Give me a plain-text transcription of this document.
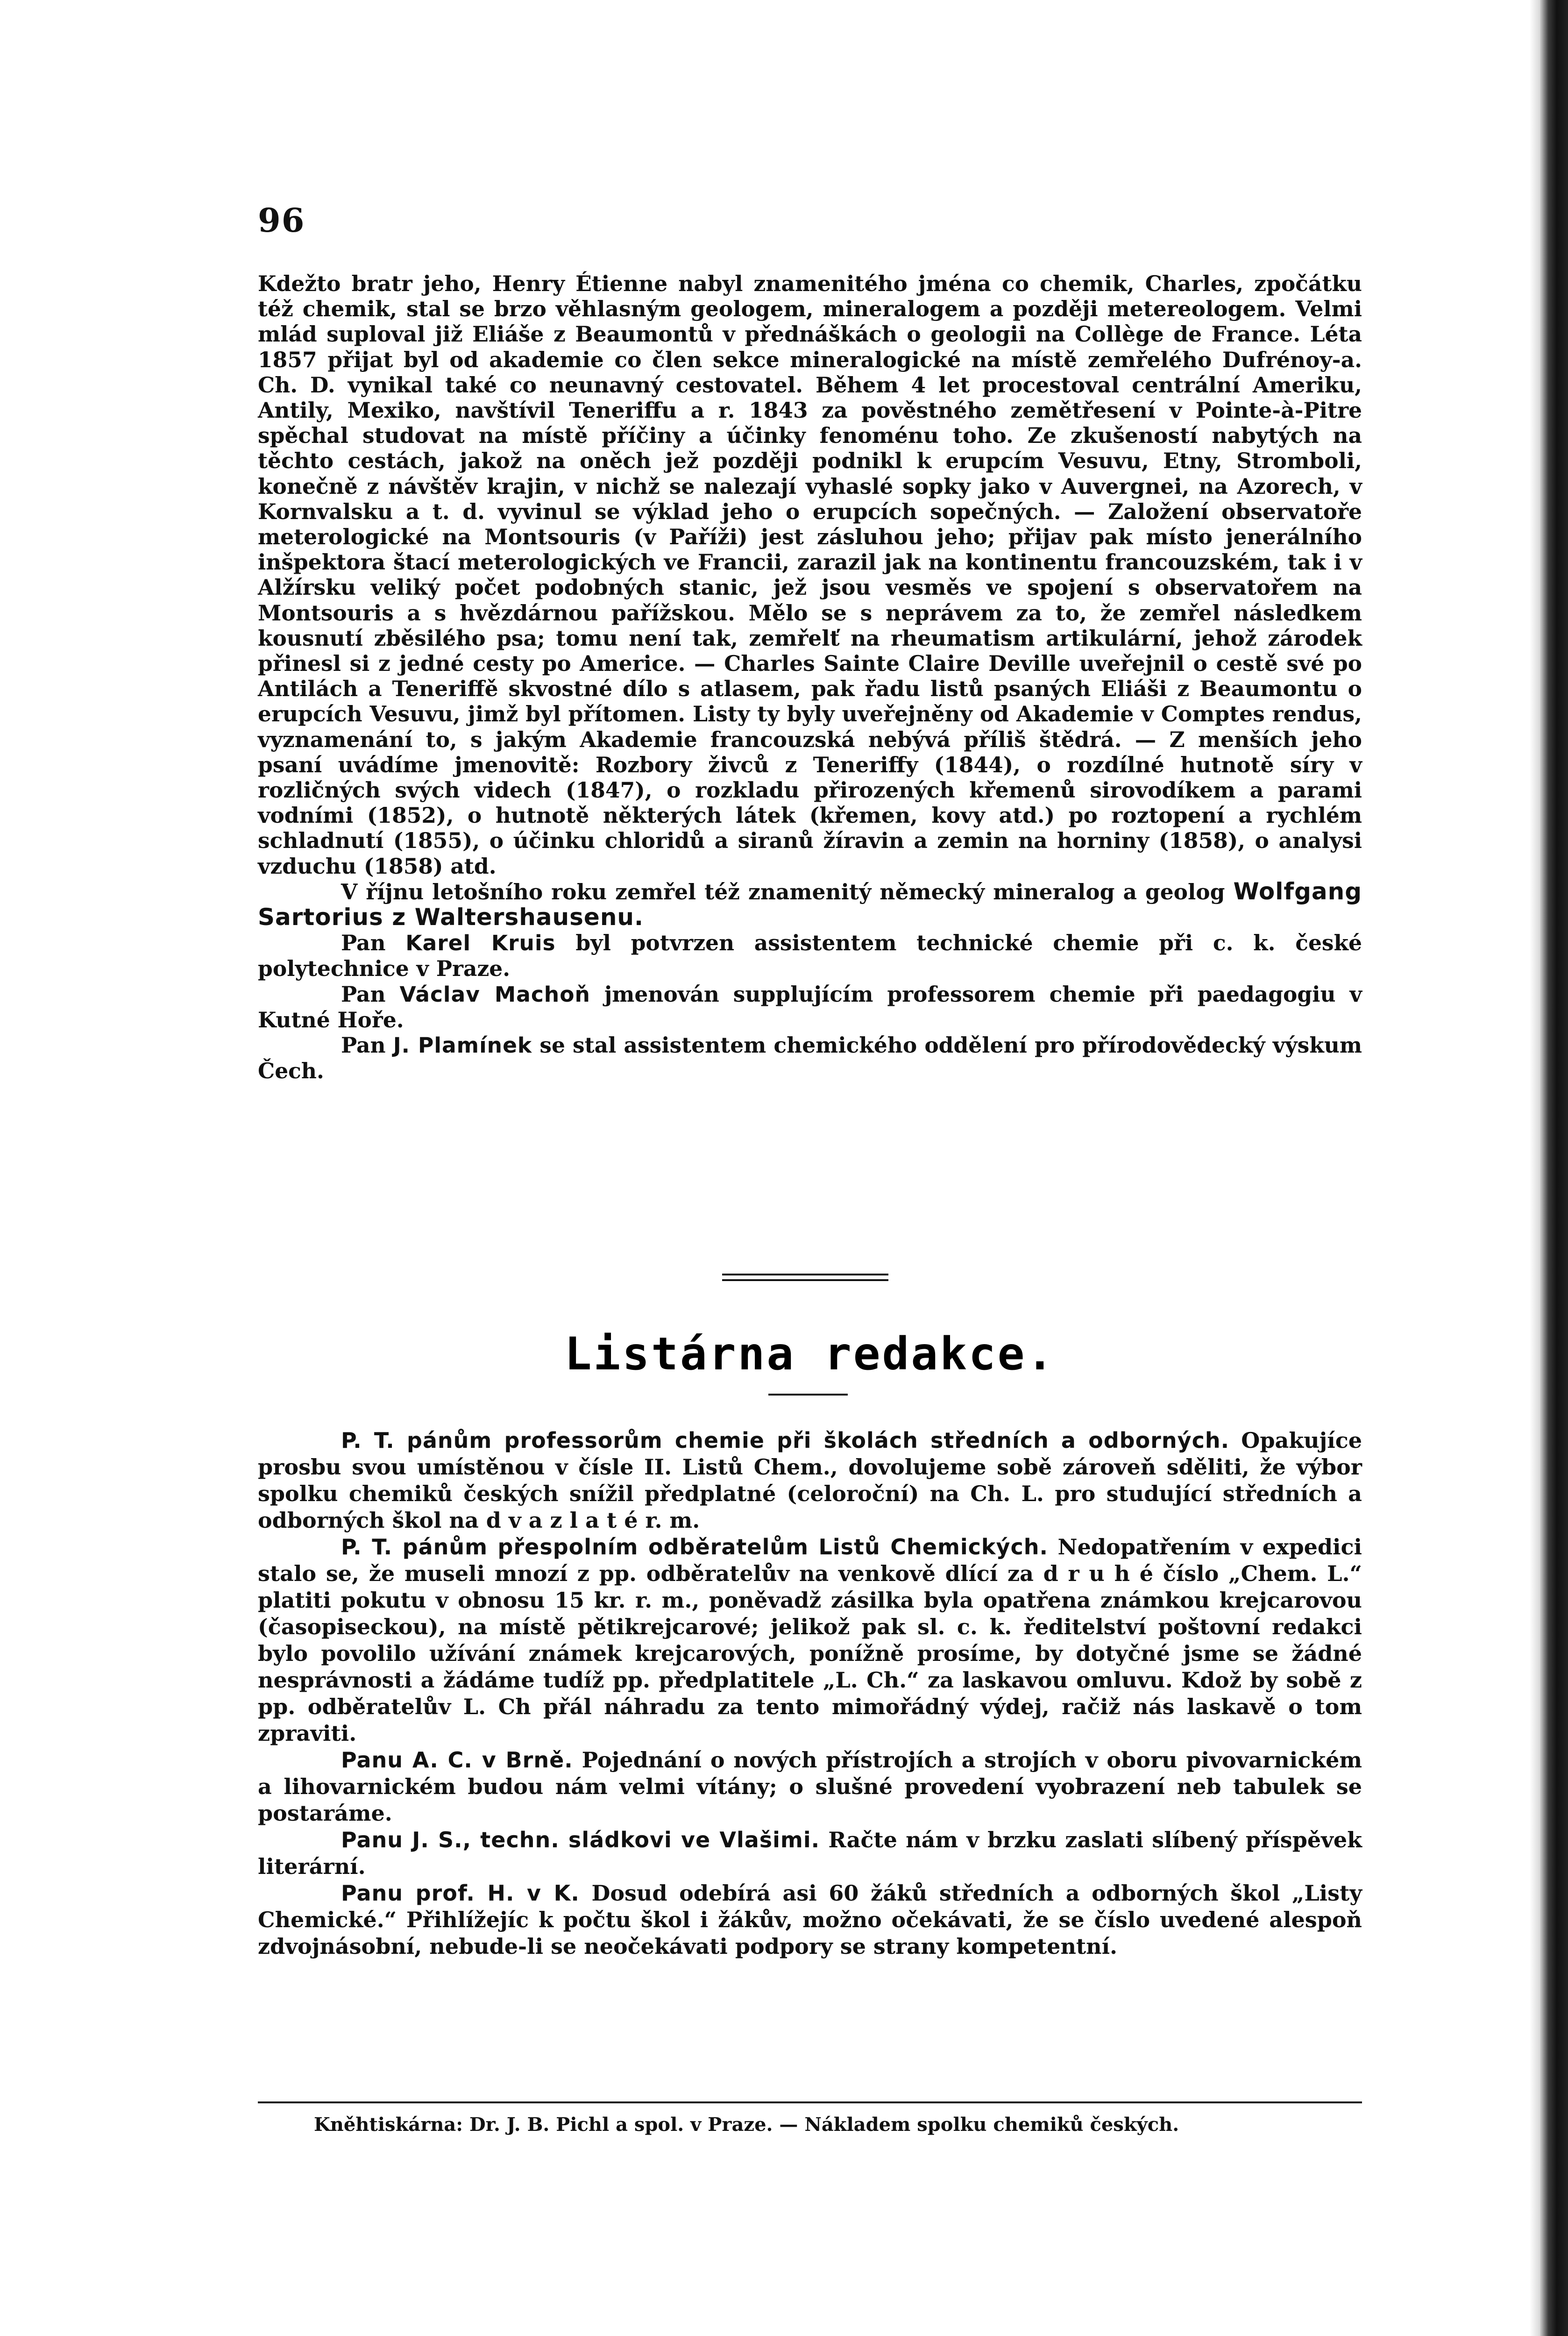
96

Kdežto bratr jeho, Henry Étienne nabyl znamenitého jména co chemik, Charles, zpočátku též chemik, stal se brzo věhlasným geologem, mineralogem a později metereologem. Velmi mlád suploval již Eliáše z Beaumontů v přednáškách o geologii na Collège de France. Léta 1857 přijat byl od akademie co člen sekce mineralogické na místě zemřelého Dufrénoy-a. Ch. D. vynikal také co neunavný cestovatel. Během 4 let procestoval centrální Ameriku, Antily, Mexiko, navštívil Teneriffu a r. 1843 za pověstného zemětřesení v Pointe-à-Pitre spěchal studovat na místě příčiny a účinky fenoménu toho. Ze zkušeností nabytých na těchto cestách, jakož na oněch jež později podnikl k erupcím Vesuvu, Etny, Stromboli, konečně z návštěv krajin, v nichž se nalezají vyhaslé sopky jako v Auvergnei, na Azorech, v Kornvalsku a t. d. vyvinul se výklad jeho o erupcích sopečných. — Založení observatoře meterologické na Montsouris (v Paříži) jest zásluhou jeho; přijav pak místo jenerálního inšpektora štací meterologických ve Francii, zarazil jak na kontinentu francouzském, tak i v Alžírsku veliký počet podobných stanic, jež jsou vesměs ve spojení s observatořem na Montsouris a s hvězdárnou pařížskou. Mělo se s neprávem za to, že zemřel následkem kousnutí zběsilého psa; tomu není tak, zemřelť na rheumatism artikulární, jehož zárodek přinesl si z jedné cesty po Americe. — Charles Sainte Claire Deville uveřejnil o cestě své po Antilách a Teneriffě skvostné dílo s atlasem, pak řadu listů psaných Eliáši z Beaumontu o erupcích Vesuvu, jimž byl přítomen. Listy ty byly uveřejněny od Akademie v Comptes rendus, vyznamenání to, s jakým Akademie francouzská nebývá příliš štědrá. — Z menších jeho psaní uvádíme jmenovitě: Rozbory živců z Teneriffy (1844), o rozdílné hutnotě síry v rozličných svých videch (1847), o rozkladu přirozených křemenů sirovodíkem a parami vodními (1852), o hutnotě některých látek (křemen, kovy atd.) po roztopení a rychlém schladnutí (1855), o účinku chloridů a siranů žíravin a zemin na horniny (1858), o analysi vzduchu (1858) atd.

V říjnu letošního roku zemřel též znamenitý německý mineralog a geolog Wolfgang Sartorius z Waltershausenu.

Pan Karel Kruis byl potvrzen assistentem technické chemie při c. k. české polytechnice v Praze.

Pan Václav Machoň jmenován supplujícím professorem chemie při paedagogiu v Kutné Hoře.

Pan J. Plamínek se stal assistentem chemického oddělení pro přírodovědecký výskum Čech.

Listárna redakce.

P. T. pánům professorům chemie při školách středních a odborných. Opakujíce prosbu svou umístěnou v čísle II. Listů Chem., dovolujeme sobě zároveň sděliti, že výbor spolku chemiků českých snížil předplatné (celoroční) na Ch. L. pro studující středních a odborných škol na d v a z l a t é r. m.

P. T. pánům přespolním odběratelům Listů Chemických. Nedopatřením v expedici stalo se, že museli mnozí z pp. odběratelův na venkově dlící za d r u h é číslo „Chem. L.“ platiti pokutu v obnosu 15 kr. r. m., poněvadž zásilka byla opatřena známkou krejcarovou (časopiseckou), na místě pětikrejcarové; jelikož pak sl. c. k. ředitelství poštovní redakci bylo povolilo užívání známek krejcarových, ponížně prosíme, by dotyčné jsme se žádné nesprávnosti a žádáme tudíž pp. předplatitele „L. Ch.“ za laskavou omluvu. Kdož by sobě z pp. odběratelův L. Ch přál náhradu za tento mimořádný výdej, račiž nás laskavě o tom zpraviti.

Panu A. C. v Brně. Pojednání o nových přístrojích a strojích v oboru pivovarnickém a lihovarnickém budou nám velmi vítány; o slušné provedení vyobrazení neb tabulek se postaráme.

Panu J. S., techn. sládkovi ve Vlašimi. Račte nám v brzku zaslati slíbený příspěvek literární.

Panu prof. H. v K. Dosud odebírá asi 60 žáků středních a odborných škol „Listy Chemické.“ Přihlížejíc k počtu škol i žákův, možno očekávati, že se číslo uvedené alespoň zdvojnásobní, nebude-li se neočekávati podpory se strany kompetentní.

Kněhtiskárna: Dr. J. B. Pichl a spol. v Praze. — Nákladem spolku chemiků českých.
